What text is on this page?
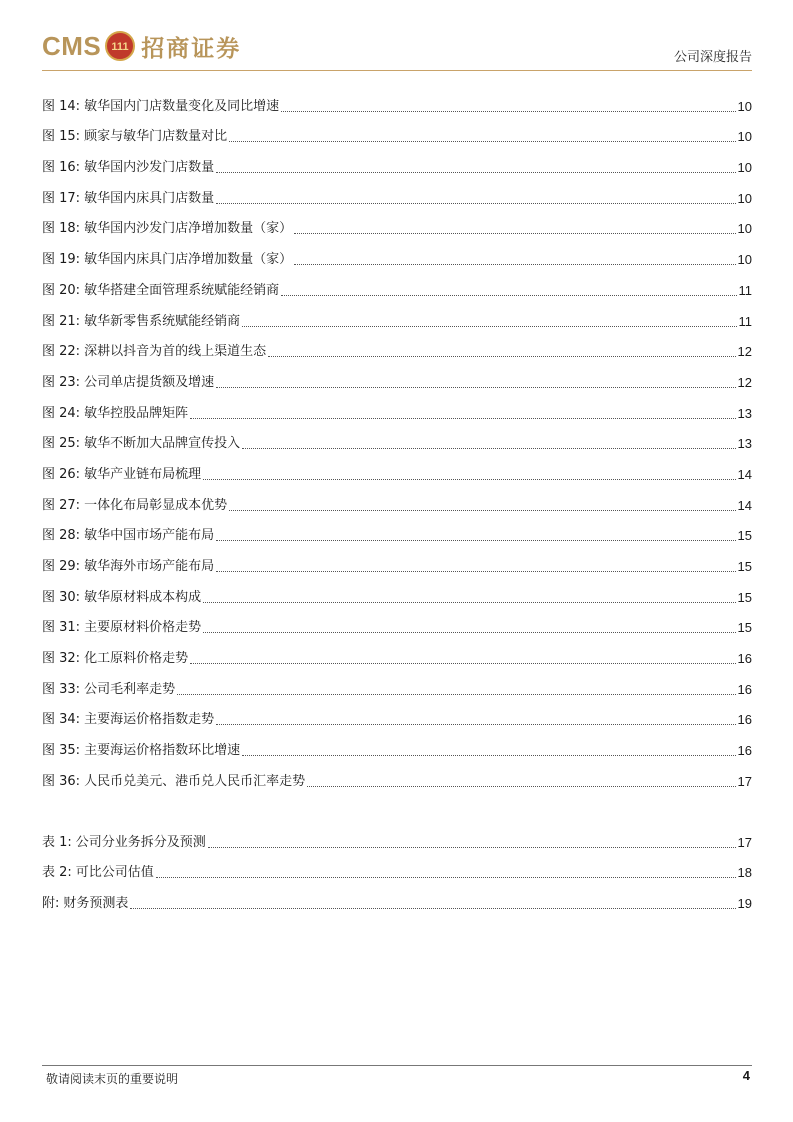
CMS 111 招商证券	公司深度报告
图 14: 敏华国内门店数量变化及同比增速	10
图 15: 顾家与敏华门店数量对比	10
图 16: 敏华国内沙发门店数量	10
图 17: 敏华国内床具门店数量	10
图 18: 敏华国内沙发门店净增加数量（家）	10
图 19: 敏华国内床具门店净增加数量（家）	10
图 20: 敏华搭建全面管理系统赋能经销商	11
图 21: 敏华新零售系统赋能经销商	11
图 22: 深耕以抖音为首的线上渠道生态	12
图 23: 公司单店提货额及增速	12
图 24: 敏华控股品牌矩阵	13
图 25: 敏华不断加大品牌宣传投入	13
图 26: 敏华产业链布局梳理	14
图 27: 一体化布局彰显成本优势	14
图 28: 敏华中国市场产能布局	15
图 29: 敏华海外市场产能布局	15
图 30: 敏华原材料成本构成	15
图 31: 主要原材料价格走势	15
图 32: 化工原料价格走势	16
图 33: 公司毛利率走势	16
图 34: 主要海运价格指数走势	16
图 35: 主要海运价格指数环比增速	16
图 36: 人民币兑美元、港币兑人民币汇率走势	17
表 1: 公司分业务拆分及预测	17
表 2: 可比公司估值	18
附: 财务预测表	19
敬请阅读末页的重要说明	4
